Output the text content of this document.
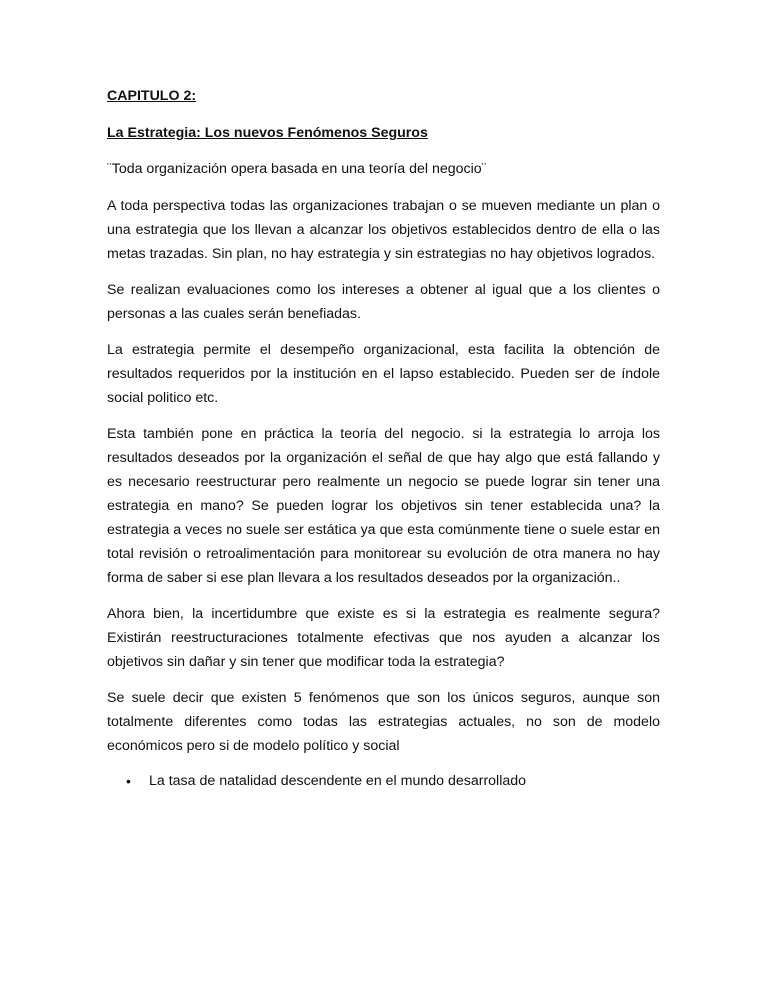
CAPITULO 2:

La Estrategia: Los nuevos Fenómenos Seguros

¨Toda organización opera basada en una teoría del negocio¨

A toda perspectiva todas las organizaciones trabajan o se mueven mediante un plan o una estrategia que los llevan a alcanzar los objetivos establecidos dentro de ella o las metas trazadas. Sin plan, no hay estrategia y sin estrategias no hay objetivos logrados.

Se realizan evaluaciones como los intereses a obtener al igual que a los clientes o personas a las cuales serán benefiadas.

La estrategia permite el desempeño organizacional, esta facilita la obtención de resultados requeridos por la institución en el lapso establecido. Pueden ser de índole social politico etc.

Esta también pone en práctica la teoría del negocio. si la estrategia lo arroja los resultados deseados por la organización el señal de que hay algo que está fallando y es necesario reestructurar pero realmente un negocio se puede lograr sin tener una estrategia en mano? Se pueden lograr los objetivos sin tener establecida una? la estrategia a veces no suele ser estática ya que esta comúnmente tiene o suele estar en total revisión o retroalimentación para monitorear su evolución de otra manera no hay forma de saber si ese plan llevara a los resultados deseados por la organización..

Ahora bien, la incertidumbre que existe es si la estrategia es realmente segura? Existirán reestructuraciones totalmente efectivas que nos ayuden a alcanzar los objetivos sin dañar y sin tener que modificar toda la estrategia?

Se suele decir que existen 5 fenómenos que son los únicos seguros, aunque son totalmente diferentes como todas las estrategias actuales, no son de modelo económicos pero si de modelo político y social

• La tasa de natalidad descendente en el mundo desarrollado
